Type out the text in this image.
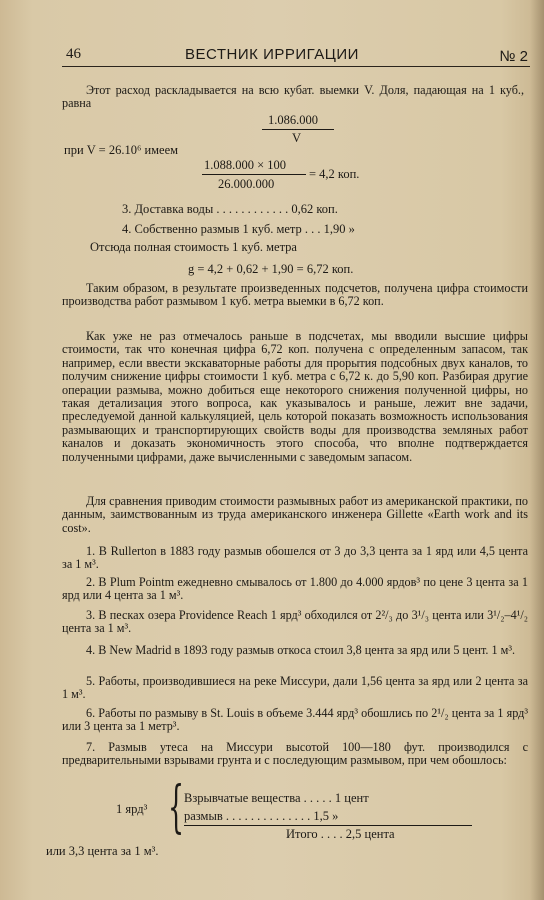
46	ВЕСТНИК ИРРИГАЦИИ	№ 2
Этот расход раскладывается на всю кубат. выемки V. Доля, падающая на 1 куб., равна
1.086.000
V
при V = 26.10⁶ имеем
1.088.000 × 100
26.000.000
= 4,2 коп.
3. Доставка воды . . . . . . . . . . . . 0,62 коп.
4. Собственно размыв 1 куб. метр . . . 1,90 »
Отсюда полная стоимость 1 куб. метра
g = 4,2 + 0,62 + 1,90 = 6,72 коп.
Таким образом, в результате произведенных подсчетов, получена цифра стоимости производства работ размывом 1 куб. метра выемки в 6,72 коп.
Как уже не раз отмечалось раньше в подсчетах, мы вводили высшие цифры стоимости, так что конечная цифра 6,72 коп. получена с определенным запасом, так например, если ввести экскаваторные работы для прорытия подсобных двух каналов, то получим снижение цифры стоимости 1 куб. метра с 6,72 к. до 5,90 коп. Разбирая другие операции размыва, можно добиться еще некоторого снижения полученной цифры, но такая детализация этого вопроса, как указывалось и раньше, лежит вне задачи, преследуемой данной калькуляцией, цель которой показать возможность использования размывающих и транспортирующих свойств воды для производства земляных работ каналов и доказать экономичность этого способа, что вполне подтверждается полученными цифрами, даже вычисленными с заведомым запасом.
Для сравнения приводим стоимости размывных работ из американской практики, по данным, заимствованным из труда американского инженера Gillette «Earth work and its cost».
1. В Rullerton в 1883 году размыв обошелся от 3 до 3,3 цента за 1 ярд или 4,5 цента за 1 м³.
2. В Plum Pointm ежедневно смывалось от 1.800 до 4.000 ярдов³ по цене 3 цента за 1 ярд или 4 цента за 1 м³.
3. В песках озера Providence Reach 1 ярд³ обходился от 2²/₃ до 3¹/₃ цента или 3¹/₂–4¹/₂ цента за 1 м³.
4. В New Madrid в 1893 году размыв откоса стоил 3,8 цента за ярд или 5 цент. 1 м³.
5. Работы, производившиеся на реке Миссури, дали 1,56 цента за ярд или 2 цента за 1 м³.
6. Работы по размыву в St. Louis в объеме 3.444 ярд³ обошлись по 2¹/₂ цента за 1 ярд³ или 3 цента за 1 метр³.
7. Размыв утеса на Миссури высотой 100—180 фут. производился с предварительными взрывами грунта и с последующим размывом, при чем обошлось:
1 ярд³ { Взрывчатые вещества . . . . . 1 цент
размыв . . . . . . . . . . . . . . 1,5 »
Итого . . . . 2,5 цента
или 3,3 цента за 1 м³.
